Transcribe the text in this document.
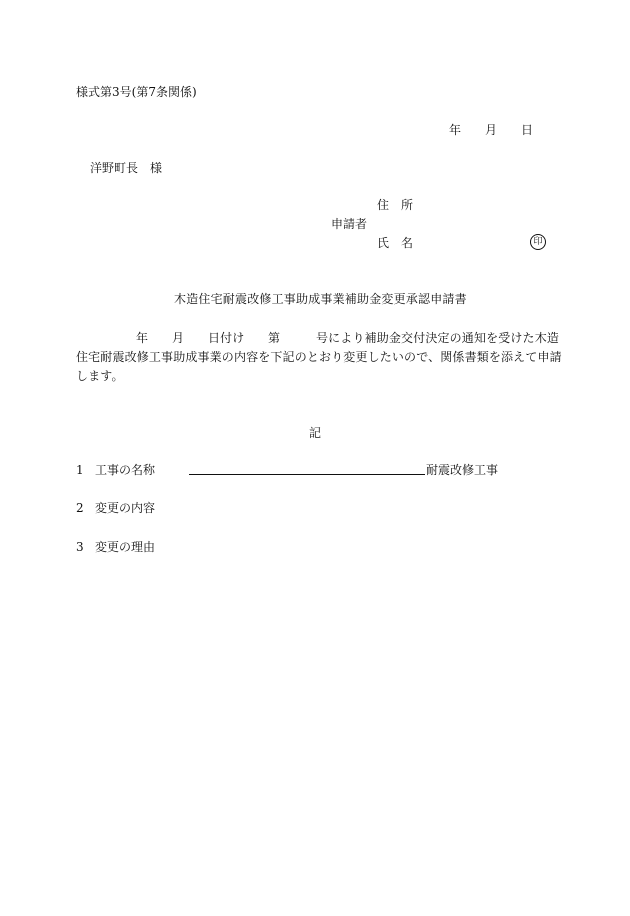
様式第3号(第7条関係)
年 月 日
洋野町長　様
住　所
申請者
氏　名	印
木造住宅耐震改修工事助成事業補助金変更承認申請書
年 月 日付け 第	号により補助金交付決定の通知を受けた木造
住宅耐震改修工事助成事業の内容を下記のとおり変更したいので、関係書類を添えて申請
します。
記
1 工事の名称	耐震改修工事
2 変更の内容
3 変更の理由
